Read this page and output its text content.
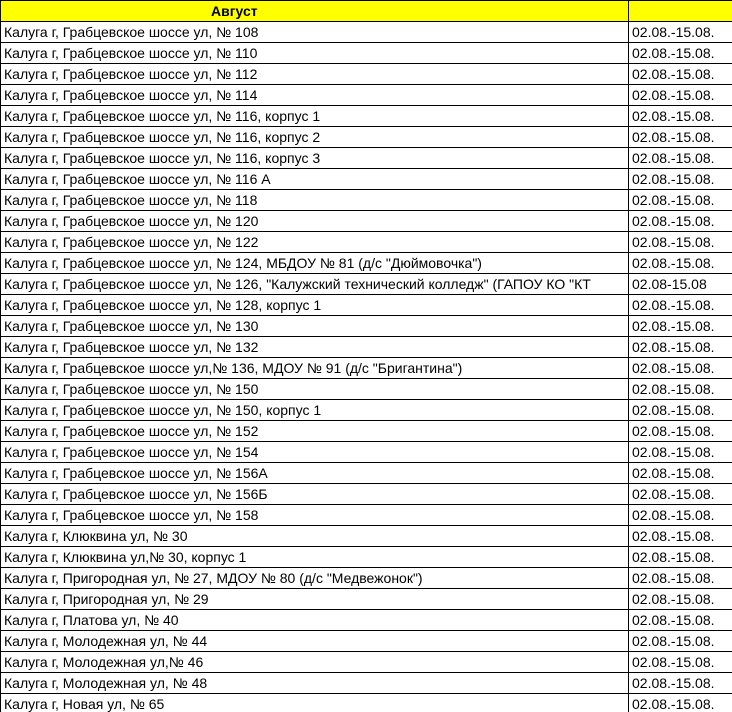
Август	
Калуга г, Грабцевское шоссе ул, № 108	02.08.-15.08.
Калуга г, Грабцевское шоссе ул, № 110	02.08.-15.08.
Калуга г, Грабцевское шоссе ул, № 112	02.08.-15.08.
Калуга г, Грабцевское шоссе ул, № 114	02.08.-15.08.
Калуга г, Грабцевское шоссе ул, № 116, корпус 1	02.08.-15.08.
Калуга г, Грабцевское шоссе ул, № 116, корпус 2	02.08.-15.08.
Калуга г, Грабцевское шоссе ул, № 116, корпус 3	02.08.-15.08.
Калуга г, Грабцевское шоссе ул, № 116 А	02.08.-15.08.
Калуга г, Грабцевское шоссе ул, № 118	02.08.-15.08.
Калуга г, Грабцевское шоссе ул, № 120	02.08.-15.08.
Калуга г, Грабцевское шоссе ул, № 122	02.08.-15.08.
Калуга г, Грабцевское шоссе ул, № 124, МБДОУ № 81 (д/с "Дюймовочка")	02.08.-15.08.
Калуга г, Грабцевское шоссе ул, № 126, "Калужский технический колледж" (ГАПОУ КО "КТ	02.08-15.08
Калуга г, Грабцевское шоссе ул, № 128, корпус 1	02.08.-15.08.
Калуга г, Грабцевское шоссе ул, № 130	02.08.-15.08.
Калуга г, Грабцевское шоссе ул, № 132	02.08.-15.08.
Калуга г, Грабцевское шоссе ул,№ 136, МДОУ № 91 (д/с "Бригантина")	02.08.-15.08.
Калуга г, Грабцевское шоссе ул, № 150	02.08.-15.08.
Калуга г, Грабцевское шоссе ул, № 150, корпус 1	02.08.-15.08.
Калуга г, Грабцевское шоссе ул, № 152	02.08.-15.08.
Калуга г, Грабцевское шоссе ул, № 154	02.08.-15.08.
Калуга г, Грабцевское шоссе ул, № 156А	02.08.-15.08.
Калуга г, Грабцевское шоссе ул, № 156Б	02.08.-15.08.
Калуга г, Грабцевское шоссе ул, № 158	02.08.-15.08.
Калуга г, Клюквина ул, № 30	02.08.-15.08.
Калуга г, Клюквина ул,№ 30, корпус 1	02.08.-15.08.
Калуга г, Пригородная ул, № 27, МДОУ № 80 (д/с "Медвежонок")	02.08.-15.08.
Калуга г, Пригородная ул, № 29	02.08.-15.08.
Калуга г, Платова ул, № 40	02.08.-15.08.
Калуга г, Молодежная ул, № 44	02.08.-15.08.
Калуга г, Молодежная ул,№ 46	02.08.-15.08.
Калуга г, Молодежная ул, № 48	02.08.-15.08.
Калуга г, Новая ул, № 65	02.08.-15.08.
